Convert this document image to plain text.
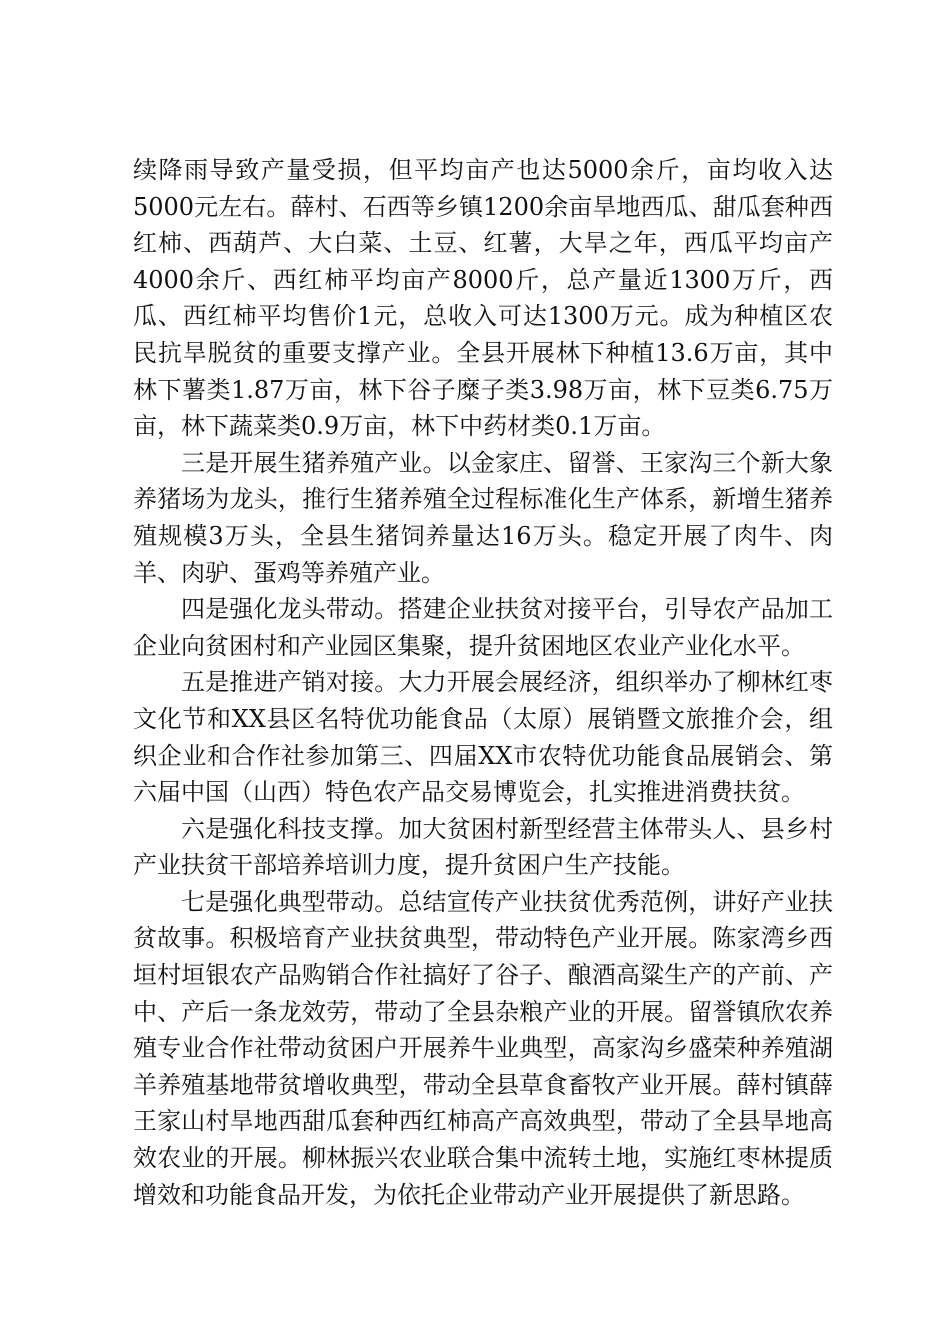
续降雨导致产量受损，但平均亩产也达5000余斤，亩均收入达5000元左右。薛村、石西等乡镇1200余亩旱地西瓜、甜瓜套种西红柿、西葫芦、大白菜、土豆、红薯，大旱之年，西瓜平均亩产4000余斤、西红柿平均亩产8000斤，总产量近1300万斤，西瓜、西红柿平均售价1元，总收入可达1300万元。成为种植区农民抗旱脱贫的重要支撑产业。全县开展林下种植13.6万亩，其中林下薯类1.87万亩，林下谷子糜子类3.98万亩，林下豆类6.75万亩，林下蔬菜类0.9万亩，林下中药材类0.1万亩。

三是开展生猪养殖产业。以金家庄、留誉、王家沟三个新大象养猪场为龙头，推行生猪养殖全过程标准化生产体系，新增生猪养殖规模3万头，全县生猪饲养量达16万头。稳定开展了肉牛、肉羊、肉驴、蛋鸡等养殖产业。

四是强化龙头带动。搭建企业扶贫对接平台，引导农产品加工企业向贫困村和产业园区集聚，提升贫困地区农业产业化水平。

五是推进产销对接。大力开展会展经济，组织举办了柳林红枣文化节和XX县区名特优功能食品（太原）展销暨文旅推介会，组织企业和合作社参加第三、四届XX市农特优功能食品展销会、第六届中国（山西）特色农产品交易博览会，扎实推进消费扶贫。

六是强化科技支撑。加大贫困村新型经营主体带头人、县乡村产业扶贫干部培养培训力度，提升贫困户生产技能。

七是强化典型带动。总结宣传产业扶贫优秀范例，讲好产业扶贫故事。积极培育产业扶贫典型，带动特色产业开展。陈家湾乡西垣村垣银农产品购销合作社搞好了谷子、酿酒高粱生产的产前、产中、产后一条龙效劳，带动了全县杂粮产业的开展。留誉镇欣农养殖专业合作社带动贫困户开展养牛业典型，高家沟乡盛荣种养殖湖羊养殖基地带贫增收典型，带动全县草食畜牧产业开展。薛村镇薛王家山村旱地西甜瓜套种西红柿高产高效典型，带动了全县旱地高效农业的开展。柳林振兴农业联合集中流转土地，实施红枣林提质增效和功能食品开发，为依托企业带动产业开展提供了新思路。
